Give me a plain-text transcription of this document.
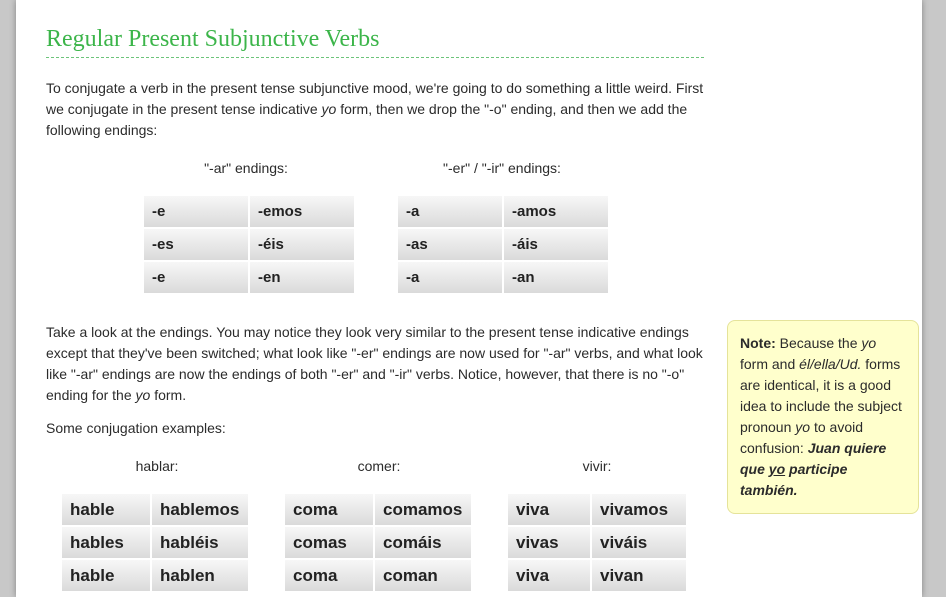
Regular Present Subjunctive Verbs

To conjugate a verb in the present tense subjunctive mood, we're going to do something a little weird. First we conjugate in the present tense indicative yo form, then we drop the "-o" ending, and then we add the following endings:

"-ar" endings:
-e	-emos
-es	-éis
-e	-en
"-er" / "-ir" endings:
-a	-amos
-as	-áis
-a	-an

Take a look at the endings. You may notice they look very similar to the present tense indicative endings except that they've been switched; what look like "-er" endings are now used for "-ar" verbs, and what look like "-ar" endings are now the endings of both "-er" and "-ir" verbs. Notice, however, that there is no "-o" ending for the yo form.

Some conjugation examples:

hablar:
hable	hablemos
hables	habléis
hable	hablen
comer:
coma	comamos
comas	comáis
coma	coman
vivir:
viva	vivamos
vivas	viváis
viva	vivan
Note: Because the yo form and él/ella/Ud. forms are identical, it is a good idea to include the subject pronoun yo to avoid confusion: Juan quiere que yo participe también.
